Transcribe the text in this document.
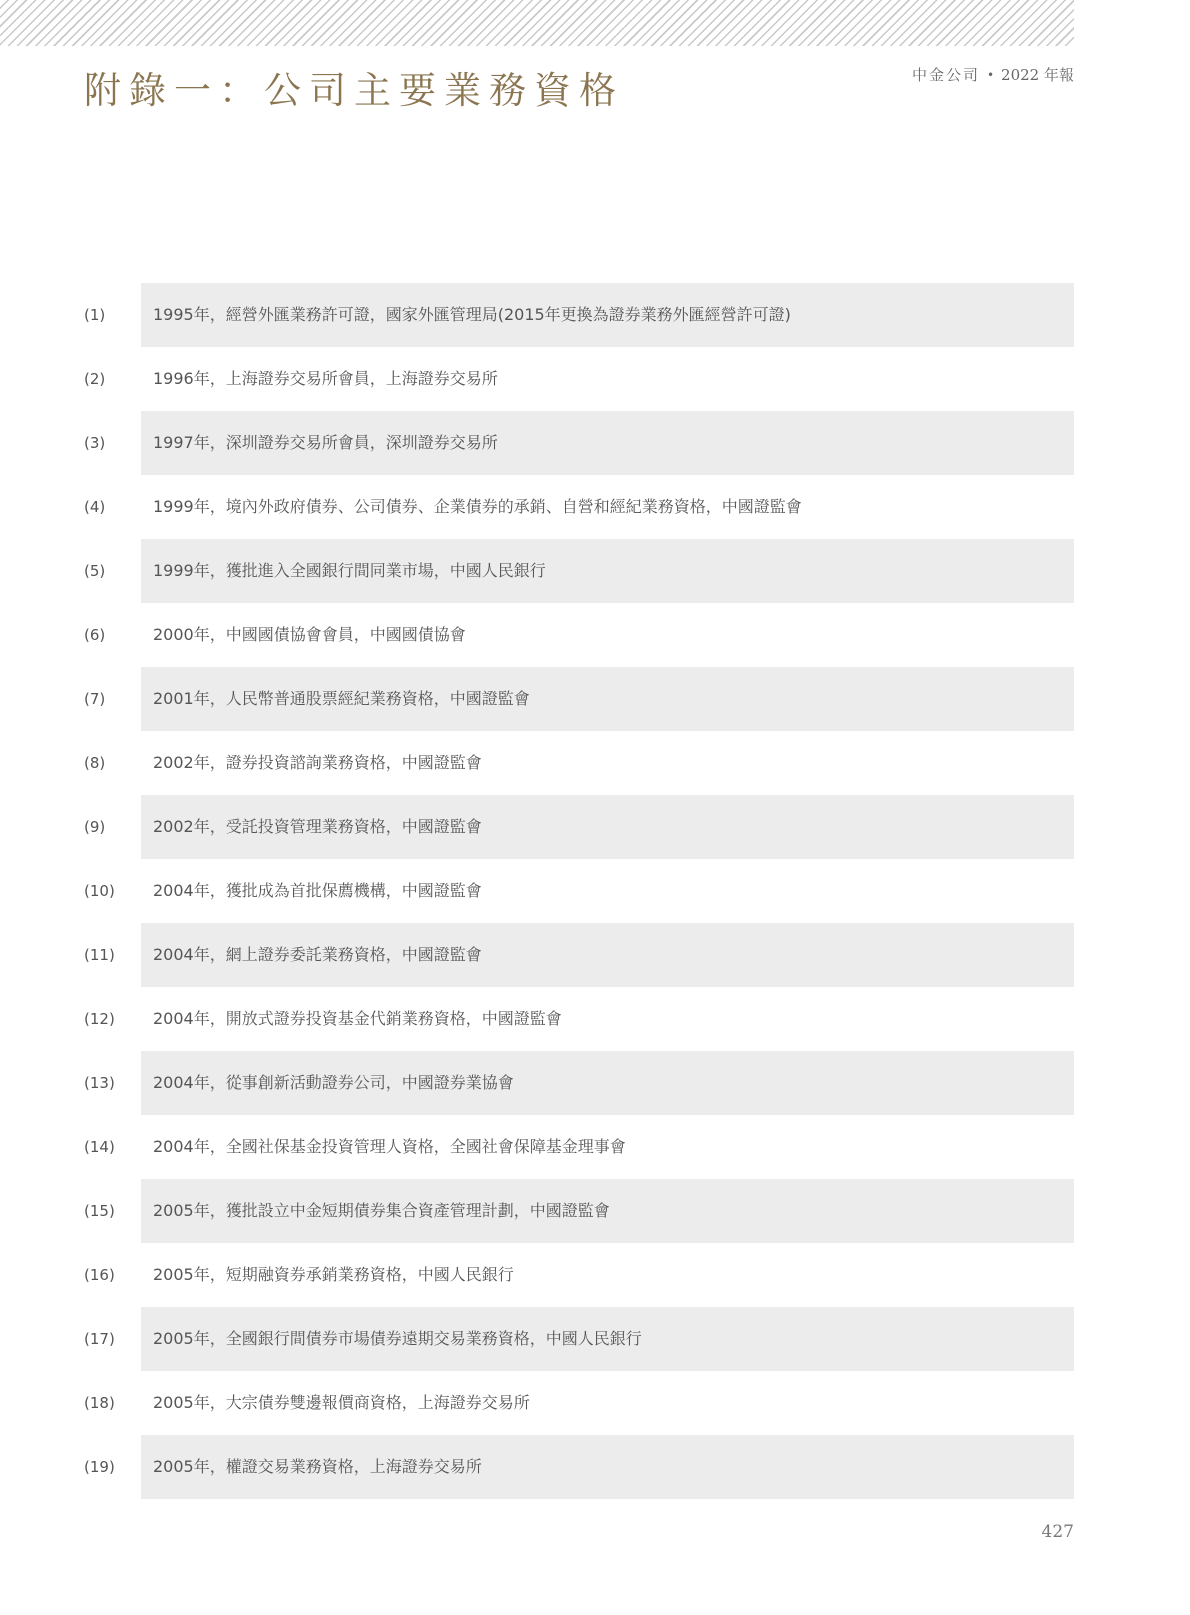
附錄一：公司主要業務資格	中金公司 • 2022 年報
(1)	1995年，經營外匯業務許可證，國家外匯管理局(2015年更換為證券業務外匯經營許可證)
(2)	1996年，上海證券交易所會員，上海證券交易所
(3)	1997年，深圳證券交易所會員，深圳證券交易所
(4)	1999年，境內外政府債券、公司債券、企業債券的承銷、自營和經紀業務資格，中國證監會
(5)	1999年，獲批進入全國銀行間同業市場，中國人民銀行
(6)	2000年，中國國債協會會員，中國國債協會
(7)	2001年，人民幣普通股票經紀業務資格，中國證監會
(8)	2002年，證券投資諮詢業務資格，中國證監會
(9)	2002年，受託投資管理業務資格，中國證監會
(10)	2004年，獲批成為首批保薦機構，中國證監會
(11)	2004年，網上證券委託業務資格，中國證監會
(12)	2004年，開放式證券投資基金代銷業務資格，中國證監會
(13)	2004年，從事創新活動證券公司，中國證券業協會
(14)	2004年，全國社保基金投資管理人資格，全國社會保障基金理事會
(15)	2005年，獲批設立中金短期債券集合資產管理計劃，中國證監會
(16)	2005年，短期融資券承銷業務資格，中國人民銀行
(17)	2005年，全國銀行間債券市場債券遠期交易業務資格，中國人民銀行
(18)	2005年，大宗債券雙邊報價商資格，上海證券交易所
(19)	2005年，權證交易業務資格，上海證券交易所
427
